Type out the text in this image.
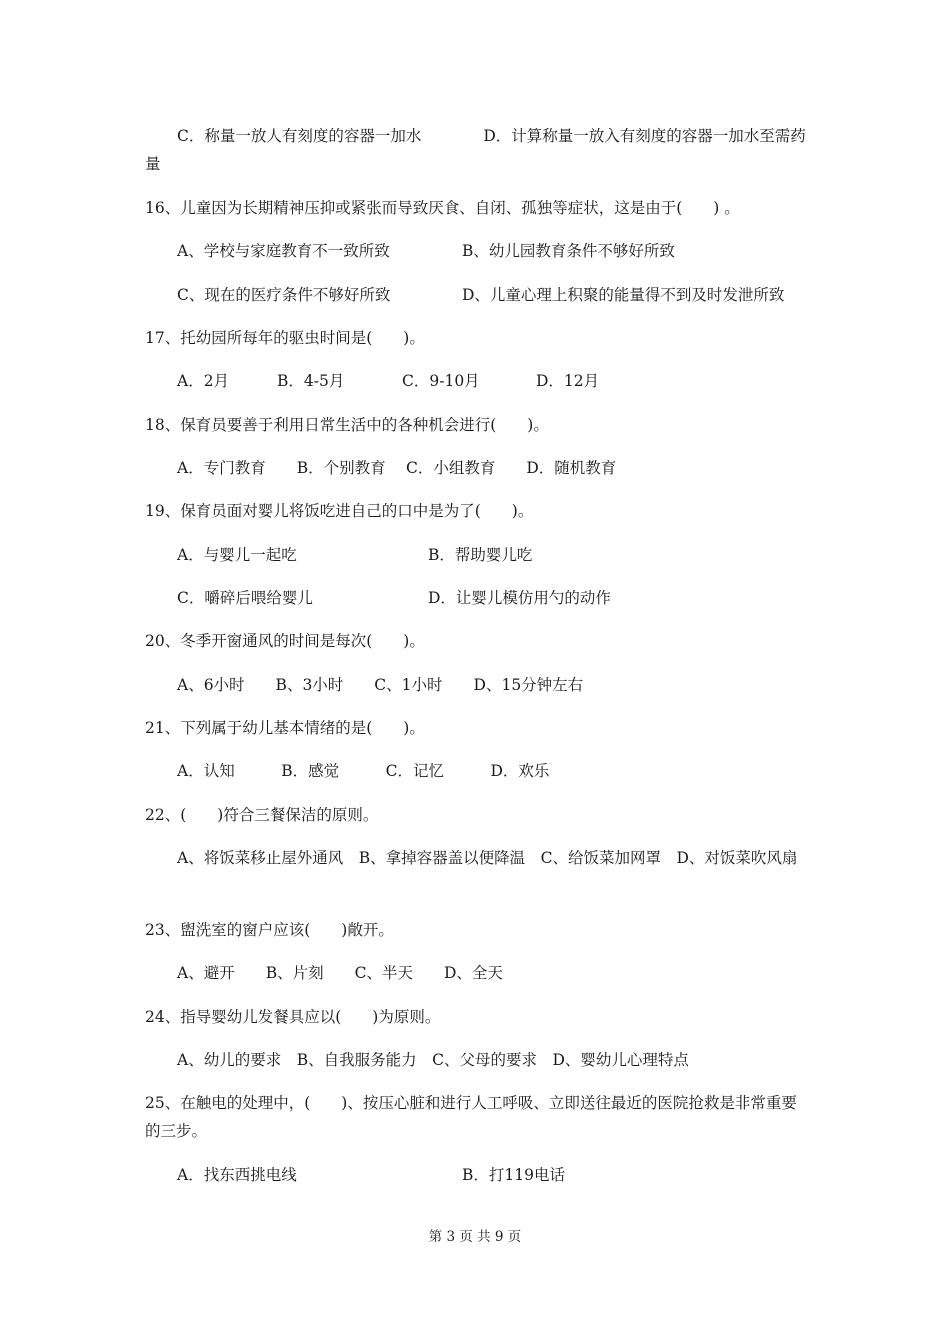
C．称量一放人有刻度的容器一加水　　　　D．计算称量一放入有刻度的容器一加水至需药量

16、儿童因为长期精神压抑或紧张而导致厌食、自闭、孤独等症状，这是由于(　　) 。

A、学校与家庭教育不一致所致	B、幼儿园教育条件不够好所致
C、现在的医疗条件不够好所致	D、儿童心理上积聚的能量得不到及时发泄所致

17、托幼园所每年的驱虫时间是(　　)。

A．2月	B．4-5月	C．9-10月	D．12月

18、保育员要善于利用日常生活中的各种机会进行(　　)。

A．专门教育　　B．个别教育　 C．小组教育　　D．随机教育

19、保育员面对婴儿将饭吃进自己的口中是为了(　　)。

A．与婴儿一起吃	B．帮助婴儿吃
C．嚼碎后喂给婴儿	D．让婴儿模仿用勺的动作

20、冬季开窗通风的时间是每次(　　)。

A、6小时　　B、3小时　　C、1小时　　D、15分钟左右

21、下列属于幼儿基本情绪的是(　　)。

A．认知　　　B．感觉　　　C．记忆　　　D．欢乐

22、(　　)符合三餐保洁的原则。

A、将饭菜移止屋外通风　B、拿掉容器盖以便降温　C、给饭菜加网罩　D、对饭菜吹风扇

23、盥洗室的窗户应该(　　)敞开。

A、避开　　B、片刻　　C、半天　　D、全天

24、指导婴幼儿发餐具应以(　　)为原则。

A、幼儿的要求　B、自我服务能力　C、父母的要求　D、婴幼儿心理特点

25、在触电的处理中，(　　)、按压心脏和进行人工呼吸、立即送往最近的医院抢救是非常重要的三步。

A．找东西挑电线	B．打119电话
第 3 页 共 9 页
